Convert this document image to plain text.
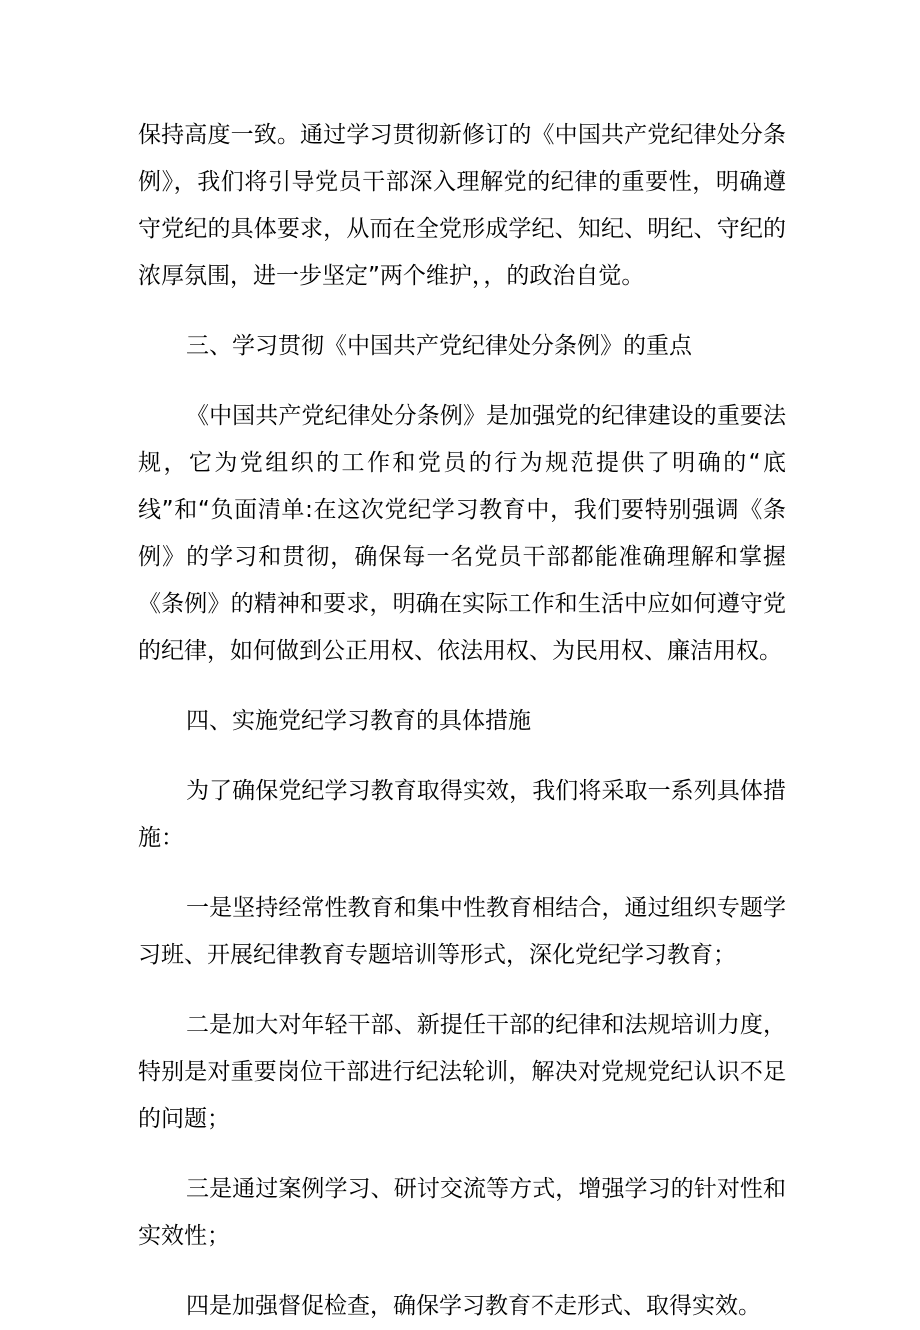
保持高度一致。通过学习贯彻新修订的《中国共产党纪律处分条例》，我们将引导党员干部深入理解党的纪律的重要性，明确遵守党纪的具体要求，从而在全党形成学纪、知纪、明纪、守纪的浓厚氛围，进一步坚定”两个维护，，的政治自觉。

三、学习贯彻《中国共产党纪律处分条例》的重点

《中国共产党纪律处分条例》是加强党的纪律建设的重要法规，它为党组织的工作和党员的行为规范提供了明确的“底线”和“负面清单:在这次党纪学习教育中，我们要特别强调《条例》的学习和贯彻，确保每一名党员干部都能准确理解和掌握《条例》的精神和要求，明确在实际工作和生活中应如何遵守党的纪律，如何做到公正用权、依法用权、为民用权、廉洁用权。

四、实施党纪学习教育的具体措施

为了确保党纪学习教育取得实效，我们将采取一系列具体措施：

一是坚持经常性教育和集中性教育相结合，通过组织专题学习班、开展纪律教育专题培训等形式，深化党纪学习教育；

二是加大对年轻干部、新提任干部的纪律和法规培训力度，特别是对重要岗位干部进行纪法轮训，解决对党规党纪认识不足的问题；

三是通过案例学习、研讨交流等方式，增强学习的针对性和实效性；

四是加强督促检查，确保学习教育不走形式、取得实效。
